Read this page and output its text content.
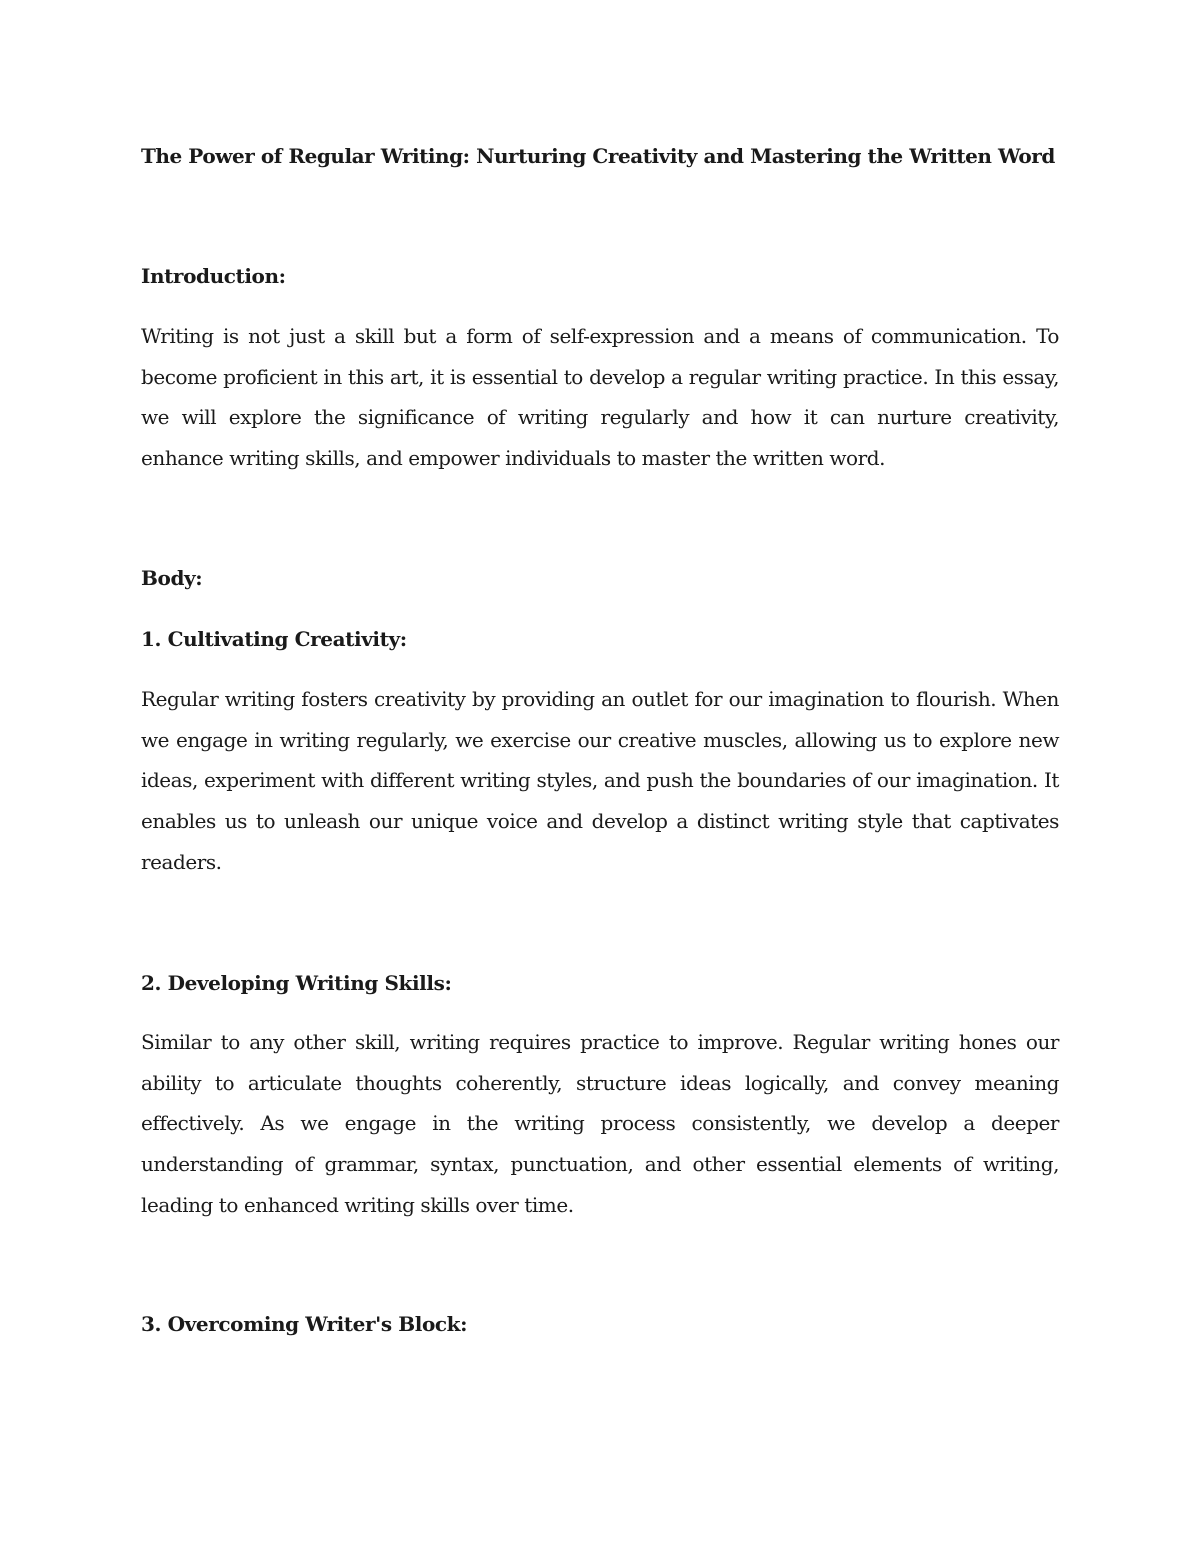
The Power of Regular Writing: Nurturing Creativity and Mastering the Written Word
Introduction:

Writing is not just a skill but a form of self-expression and a means of communication. To become proficient in this art, it is essential to develop a regular writing practice. In this essay, we will explore the significance of writing regularly and how it can nurture creativity, enhance writing skills, and empower individuals to master the written word.

Body:
1. Cultivating Creativity:

Regular writing fosters creativity by providing an outlet for our imagination to flourish. When we engage in writing regularly, we exercise our creative muscles, allowing us to explore new ideas, experiment with different writing styles, and push the boundaries of our imagination. It enables us to unleash our unique voice and develop a distinct writing style that captivates readers.

2. Developing Writing Skills:

Similar to any other skill, writing requires practice to improve. Regular writing hones our ability to articulate thoughts coherently, structure ideas logically, and convey meaning effectively. As we engage in the writing process consistently, we develop a deeper understanding of grammar, syntax, punctuation, and other essential elements of writing, leading to enhanced writing skills over time.

3. Overcoming Writer's Block:
